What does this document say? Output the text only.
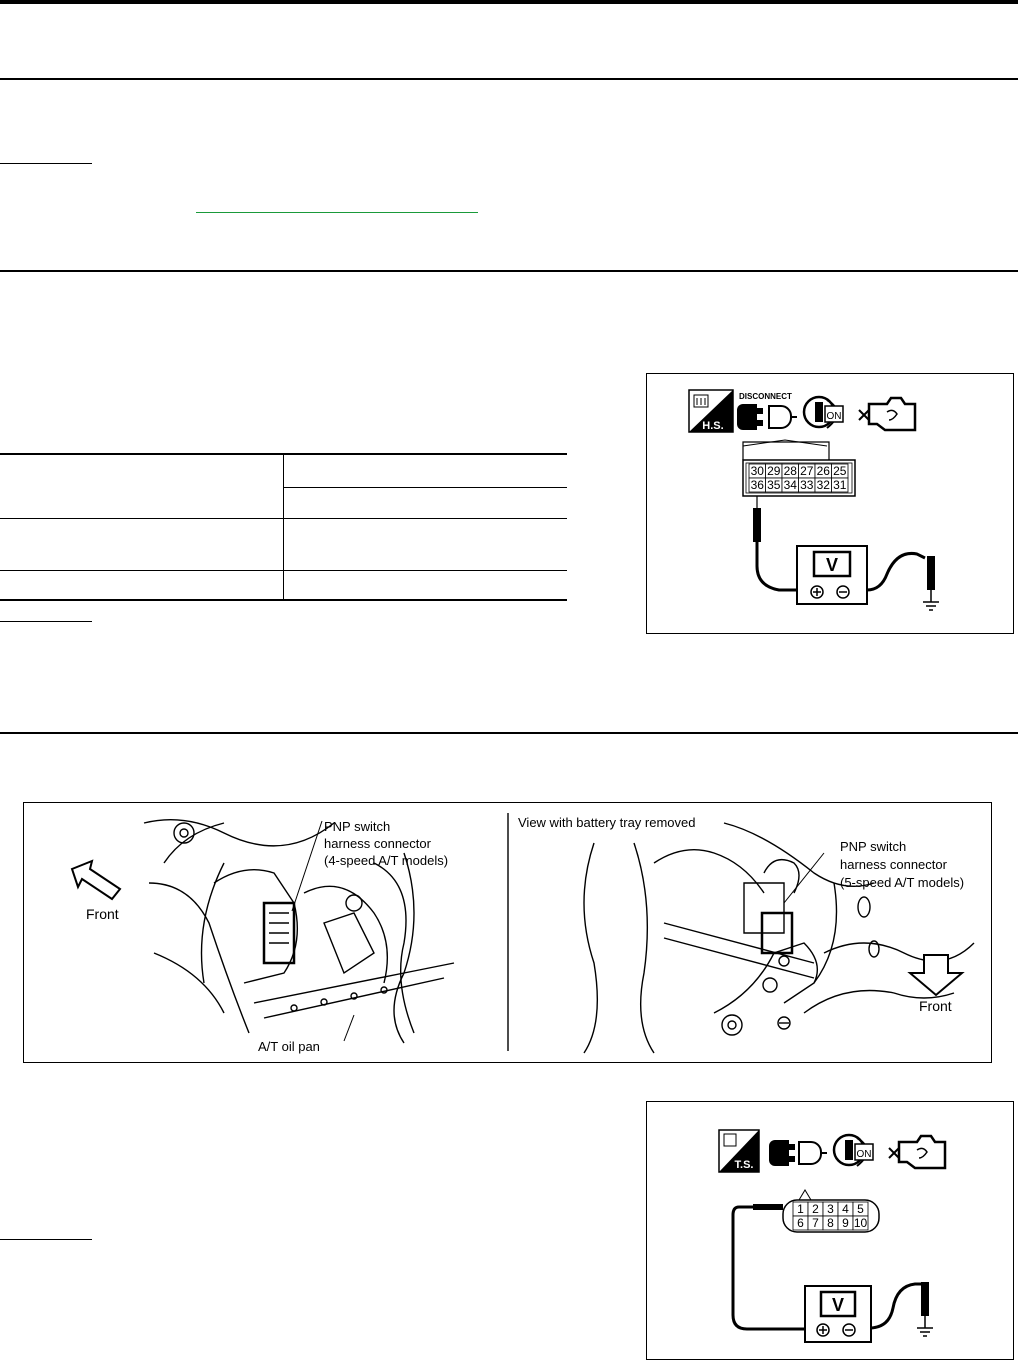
H.S.
DISCONNECT
ON
30 29 28 27 26 25
36 35 34 33 32 31
V
Front
PNP switch harness connector (4-speed A/T models)
A/T oil pan
View with battery tray removed
PNP switch harness connector (5-speed A/T models)
Front
T.S.
ON
1 2 3 4 5
6 7 8 9 10
V
